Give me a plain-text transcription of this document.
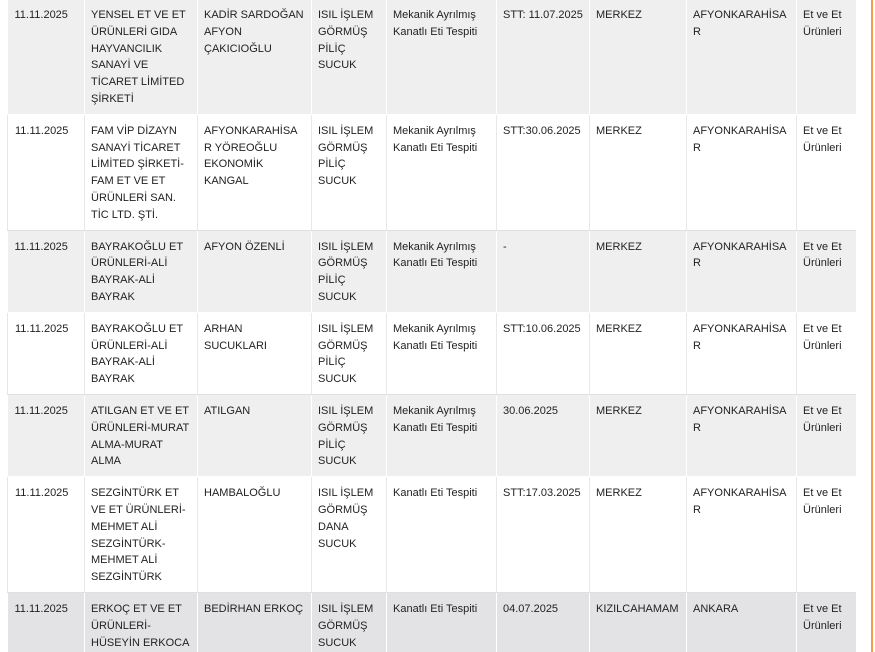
11.11.2025	YENSEL ET VE ET ÜRÜNLERİ GIDA HAYVANCILIK SANAYİ VE TİCARET LİMİTED ŞİRKETİ	KADİR SARDOĞAN AFYON ÇAKICIOĞLU	ISIL İŞLEM GÖRMÜŞ PİLİÇ SUCUK	Mekanik Ayrılmış Kanatlı Eti Tespiti	STT: 11.07.2025	MERKEZ	AFYONKARAHİSAR	Et ve Et Ürünleri
11.11.2025	FAM VİP DİZAYN SANAYİ TİCARET LİMİTED ŞİRKETİ-FAM ET VE ET ÜRÜNLERİ SAN. TİC LTD. ŞTİ.	AFYONKARAHİSAR YÖREOĞLU EKONOMİK KANGAL	ISIL İŞLEM GÖRMÜŞ PİLİÇ SUCUK	Mekanik Ayrılmış Kanatlı Eti Tespiti	STT:30.06.2025	MERKEZ	AFYONKARAHİSAR	Et ve Et Ürünleri
11.11.2025	BAYRAKOĞLU ET ÜRÜNLERİ-ALİ BAYRAK-ALİ BAYRAK	AFYON ÖZENLİ	ISIL İŞLEM GÖRMÜŞ PİLİÇ SUCUK	Mekanik Ayrılmış Kanatlı Eti Tespiti	-	MERKEZ	AFYONKARAHİSAR	Et ve Et Ürünleri
11.11.2025	BAYRAKOĞLU ET ÜRÜNLERİ-ALİ BAYRAK-ALİ BAYRAK	ARHAN SUCUKLARI	ISIL İŞLEM GÖRMÜŞ PİLİÇ SUCUK	Mekanik Ayrılmış Kanatlı Eti Tespiti	STT:10.06.2025	MERKEZ	AFYONKARAHİSAR	Et ve Et Ürünleri
11.11.2025	ATILGAN ET VE ET ÜRÜNLERİ-MURAT ALMA-MURAT ALMA	ATILGAN	ISIL İŞLEM GÖRMÜŞ PİLİÇ SUCUK	Mekanik Ayrılmış Kanatlı Eti Tespiti	30.06.2025	MERKEZ	AFYONKARAHİSAR	Et ve Et Ürünleri
11.11.2025	SEZGİNTÜRK ET VE ET ÜRÜNLERİ-MEHMET ALİ SEZGİNTÜRK-MEHMET ALİ SEZGİNTÜRK	HAMBALOĞLU	ISIL İŞLEM GÖRMÜŞ DANA SUCUK	Kanatlı Eti Tespiti	STT:17.03.2025	MERKEZ	AFYONKARAHİSAR	Et ve Et Ürünleri
11.11.2025	ERKOÇ ET VE ET ÜRÜNLERİ-HÜSEYİN ERKOCA	BEDİRHAN ERKOÇ	ISIL İŞLEM GÖRMÜŞ SUCUK	Kanatlı Eti Tespiti	04.07.2025	KIZILCAHAMAM	ANKARA	Et ve Et Ürünleri
